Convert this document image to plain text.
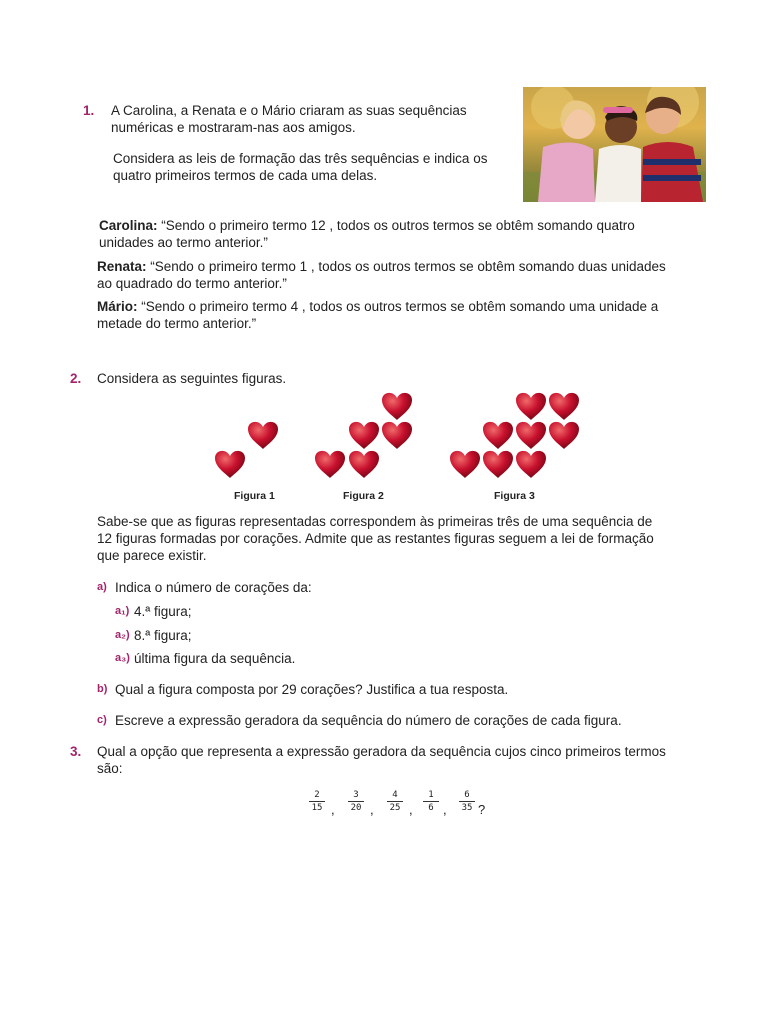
1. A Carolina, a Renata e o Mário criaram as suas sequências
numéricas e mostraram-nas aos amigos.
Considera as leis de formação das três sequências e indica os
quatro primeiros termos de cada uma delas.
Carolina: “Sendo o primeiro termo 12 , todos os outros termos se obtêm somando quatro
unidades ao termo anterior.”
Renata: “Sendo o primeiro termo 1 , todos os outros termos se obtêm somando duas unidades
ao quadrado do termo anterior.”
Mário: “Sendo o primeiro termo 4 , todos os outros termos se obtêm somando uma unidade a
metade do termo anterior.”
2. Considera as seguintes figuras.
Figura 1	Figura 2	Figura 3
Sabe-se que as figuras representadas correspondem às primeiras três de uma sequência de
12 figuras formadas por corações. Admite que as restantes figuras seguem a lei de formação
que parece existir.
a) Indica o número de corações da:
a₁) 4.ª figura;
a₂) 8.ª figura;
a₃) última figura da sequência.
b) Qual a figura composta por 29 corações? Justifica a tua resposta.
c) Escreve a expressão geradora da sequência do número de corações de cada figura.
3. Qual a opção que representa a expressão geradora da sequência cujos cinco primeiros termos
são:
$\frac{2}{15}$ , $\frac{3}{20}$ , $\frac{4}{25}$ , $\frac{1}{6}$ , $\frac{6}{35}$ ?
